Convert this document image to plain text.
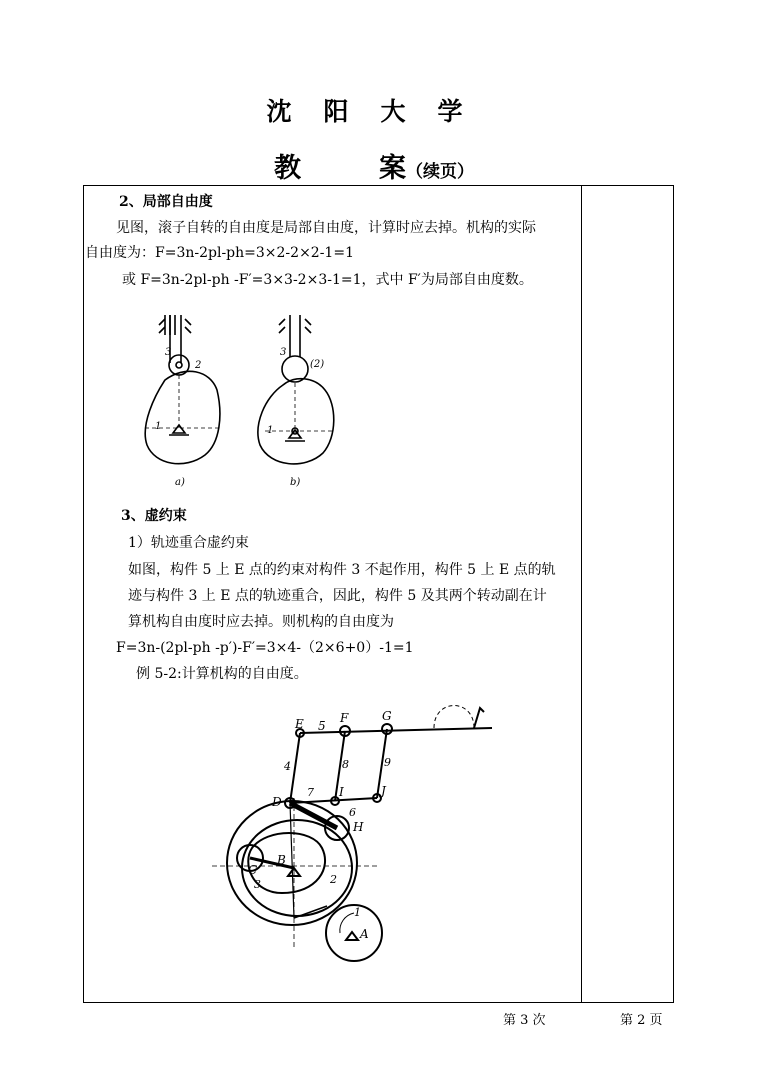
沈阳大学
教	案（续页）
2、局部自由度
见图，滚子自转的自由度是局部自由度，计算时应去掉。机构的实际
自由度为：F=3n-2pl-ph=3×2-2×2-1=1
或 F=3n-2pl-ph -F′=3×3-2×3-1=1，式中 F′为局部自由度数。
3
2
1
3
(2)
1
a)	b)
3、虚约束
1）轨迹重合虚约束
如图，构件 5 上 E 点的约束对构件 3 不起作用，构件 5 上 E 点的轨
迹与构件 3 上 E 点的轨迹重合，因此，构件 5 及其两个转动副在计
算机构自由度时应去掉。则机构的自由度为
F=3n-(2pl-ph -p′)-F′=3×4-（2×6+0）-1=1
例 5-2:计算机构的自由度。
E 5
F	G
4	8	9
D
7 I	J
6
H
B
C
3	2
1
A
第 3 次	第 2 页
